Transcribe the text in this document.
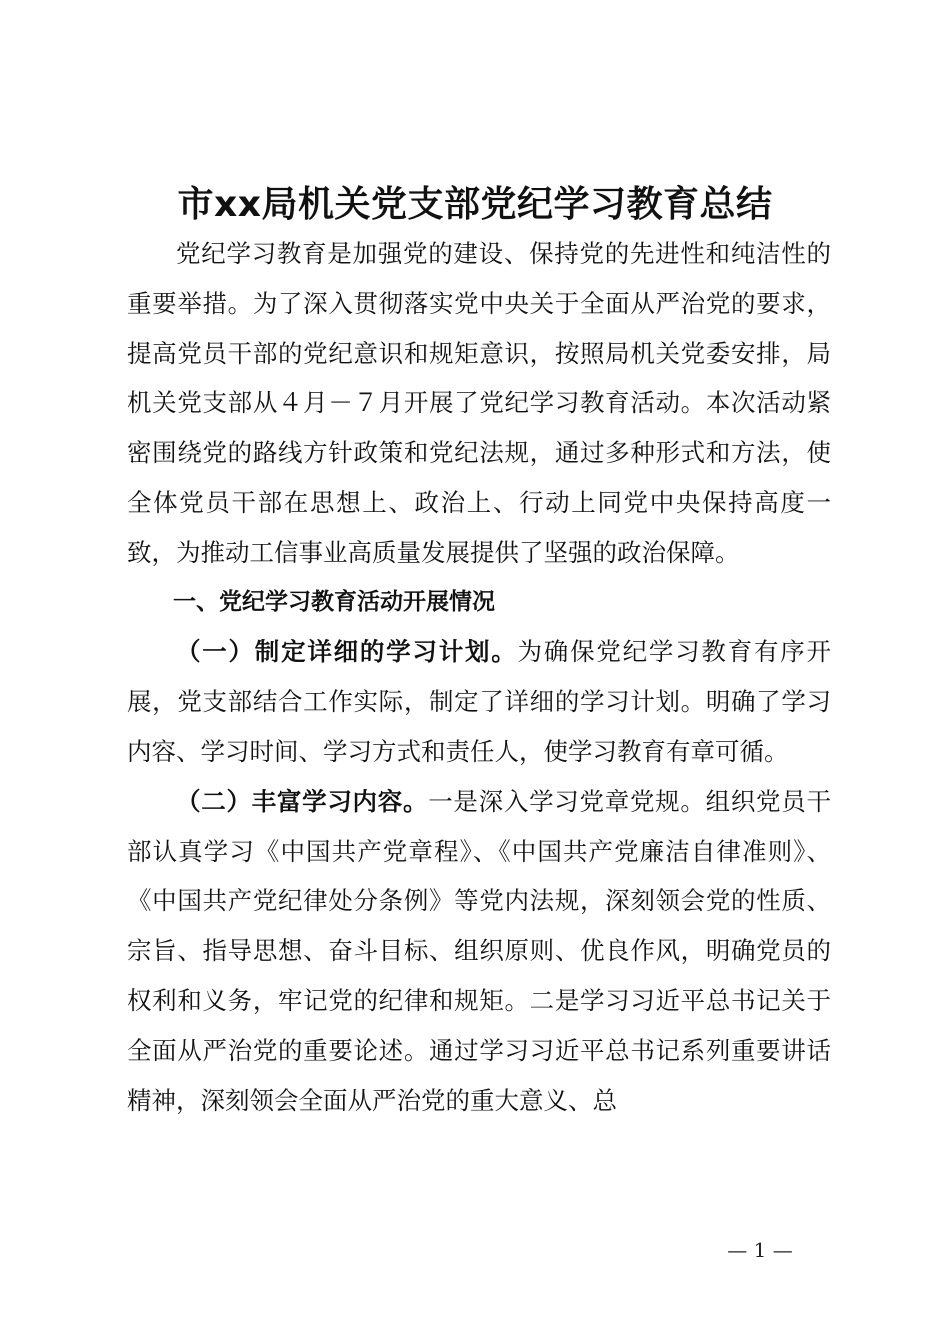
市xx局机关党支部党纪学习教育总结

党纪学习教育是加强党的建设、保持党的先进性和纯洁性的重要举措。为了深入贯彻落实党中央关于全面从严治党的要求，提高党员干部的党纪意识和规矩意识，按照局机关党委安排，局机关党支部从４月－７月开展了党纪学习教育活动。本次活动紧密围绕党的路线方针政策和党纪法规，通过多种形式和方法，使全体党员干部在思想上、政治上、行动上同党中央保持高度一致，为推动工信事业高质量发展提供了坚强的政治保障。

一、党纪学习教育活动开展情况

（一）制定详细的学习计划。为确保党纪学习教育有序开展，党支部结合工作实际，制定了详细的学习计划。明确了学习内容、学习时间、学习方式和责任人，使学习教育有章可循。

（二）丰富学习内容。一是深入学习党章党规。组织党员干部认真学习《中国共产党章程》、《中国共产党廉洁自律准则》、《中国共产党纪律处分条例》等党内法规，深刻领会党的性质、宗旨、指导思想、奋斗目标、组织原则、优良作风，明确党员的权利和义务，牢记党的纪律和规矩。二是学习习近平总书记关于全面从严治党的重要论述。通过学习习近平总书记系列重要讲话精神，深刻领会全面从严治党的重大意义、总

— 1 —
